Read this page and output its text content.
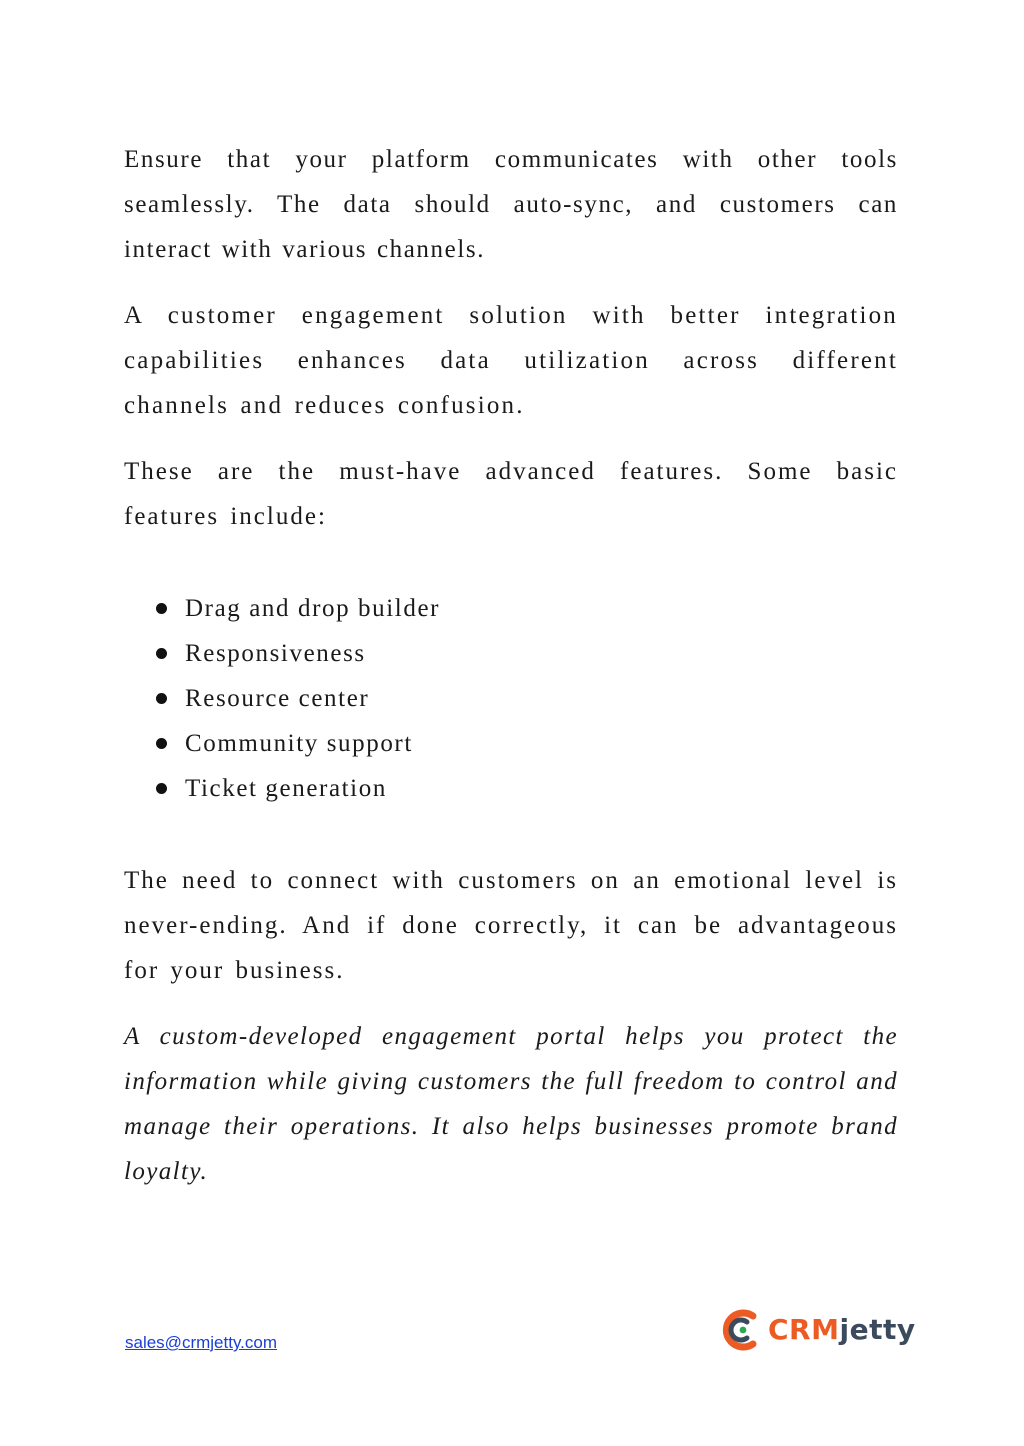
Ensure that your platform communicates with other tools seamlessly. The data should auto-sync, and customers can interact with various channels.

A customer engagement solution with better integration capabilities enhances data utilization across different channels and reduces confusion.

These are the must-have advanced features. Some basic features include:

Drag and drop builder
Responsiveness
Resource center
Community support
Ticket generation

The need to connect with customers on an emotional level is never-ending. And if done correctly, it can be advantageous for your business.

A custom-developed engagement portal helps you protect the information while giving customers the full freedom to control and manage their operations. It also helps businesses promote brand loyalty.

sales@crmjetty.com	CRMjetty
